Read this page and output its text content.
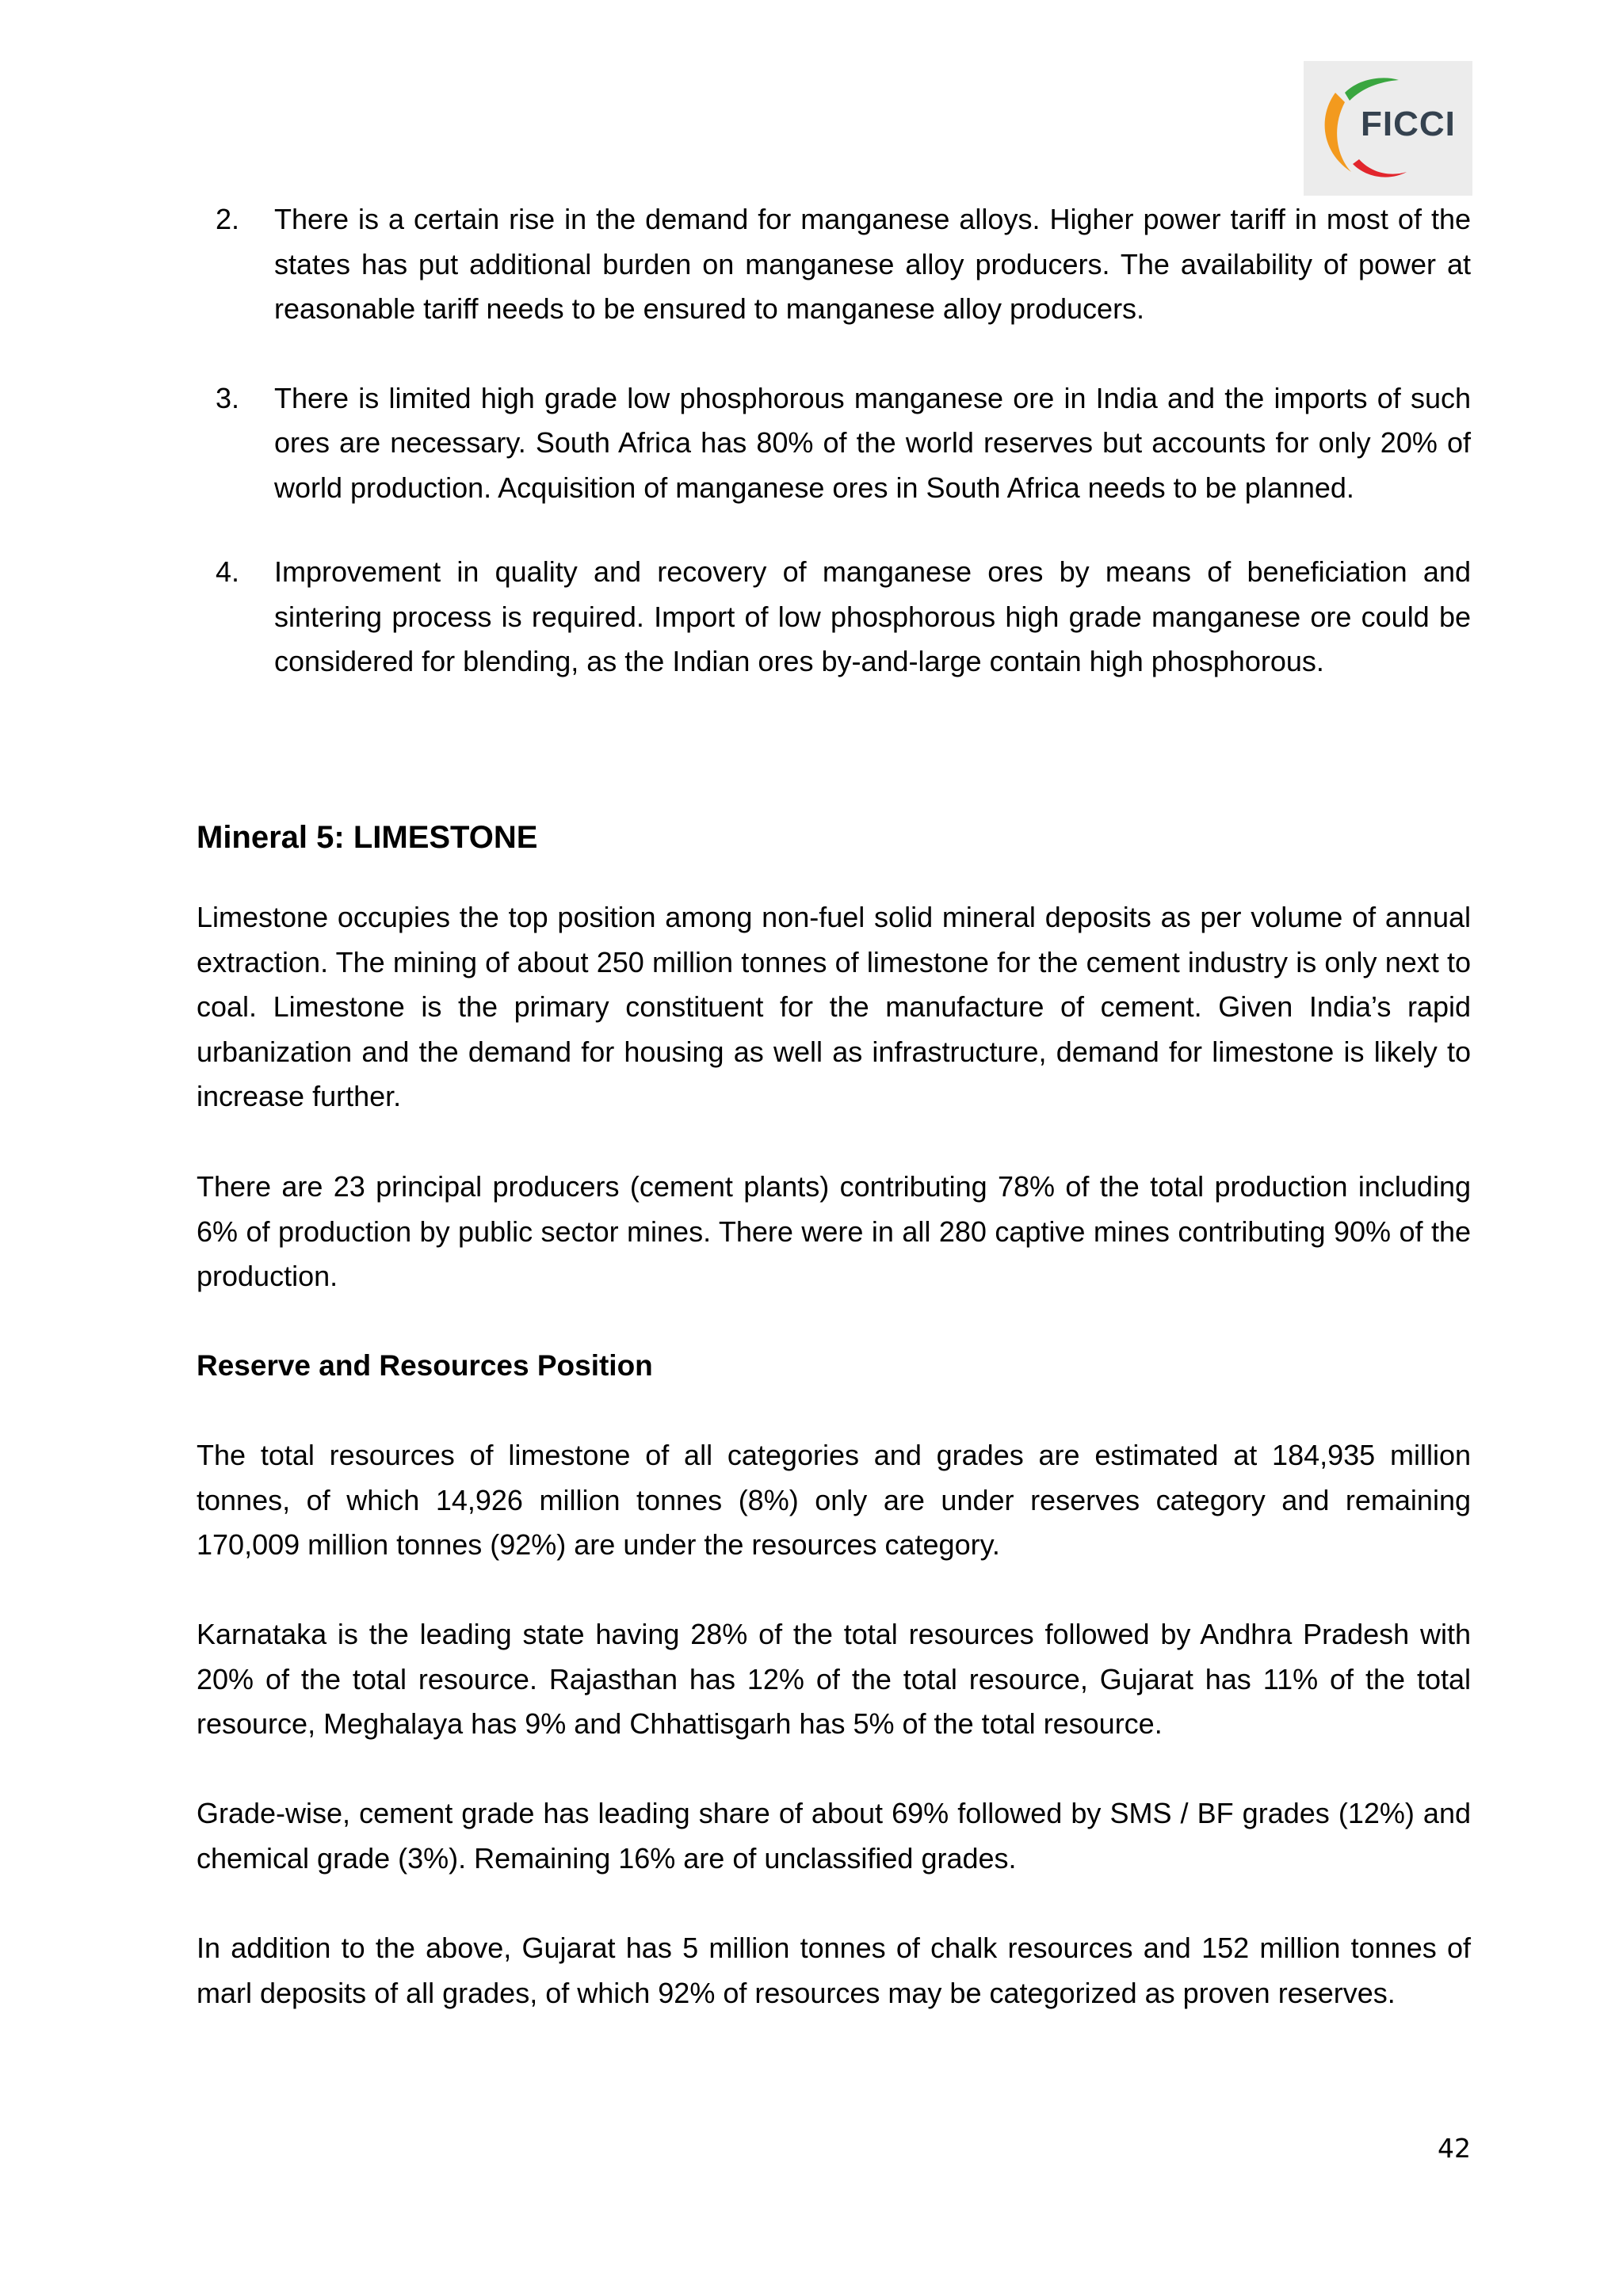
FICCI
2. There is a certain rise in the demand for manganese alloys. Higher power tariff in most of the states has put additional burden on manganese alloy producers. The availability of power at reasonable tariff needs to be ensured to manganese alloy producers.

3. There is limited high grade low phosphorous manganese ore in India and the imports of such ores are necessary. South Africa has 80% of the world reserves but accounts for only 20% of world production. Acquisition of manganese ores in South Africa needs to be planned.

4. Improvement in quality and recovery of manganese ores by means of beneficiation and sintering process is required. Import of low phosphorous high grade manganese ore could be considered for blending, as the Indian ores by-and-large contain high phosphorous.

Mineral 5: LIMESTONE

Limestone occupies the top position among non-fuel solid mineral deposits as per volume of annual extraction. The mining of about 250 million tonnes of limestone for the cement industry is only next to coal. Limestone is the primary constituent for the manufacture of cement. Given India’s rapid urbanization and the demand for housing as well as infrastructure, demand for limestone is likely to increase further.

There are 23 principal producers (cement plants) contributing 78% of the total production including 6% of production by public sector mines. There were in all 280 captive mines contributing 90% of the production.

Reserve and Resources Position

The total resources of limestone of all categories and grades are estimated at 184,935 million tonnes, of which 14,926 million tonnes (8%) only are under reserves category and remaining 170,009 million tonnes (92%) are under the resources category.

Karnataka is the leading state having 28% of the total resources followed by Andhra Pradesh with 20% of the total resource. Rajasthan has 12% of the total resource, Gujarat has 11% of the total resource, Meghalaya has 9% and Chhattisgarh has 5% of the total resource.

Grade-wise, cement grade has leading share of about 69% followed by SMS / BF grades (12%) and chemical grade (3%). Remaining 16% are of unclassified grades.

In addition to the above, Gujarat has 5 million tonnes of chalk resources and 152 million tonnes of marl deposits of all grades, of which 92% of resources may be categorized as proven reserves.

42
